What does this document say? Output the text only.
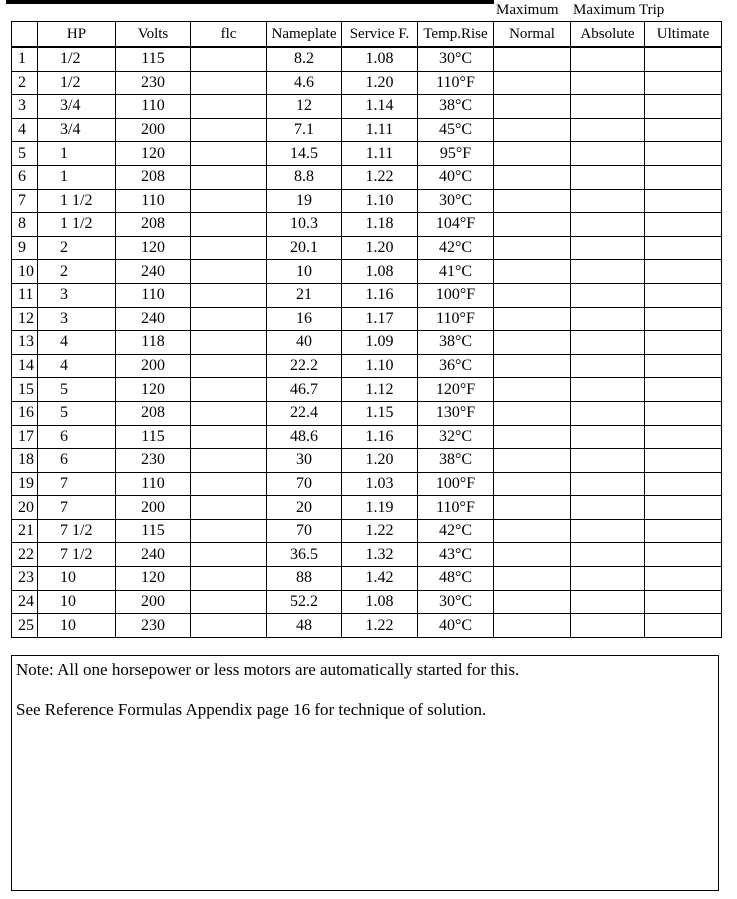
Maximum Maximum Trip
	HP	Volts	flc	Nameplate	Service F.	Temp.Rise	Normal	Absolute	Ultimate
1	1/2	115		8.2	1.08	30°C			
2	1/2	230		4.6	1.20	110°F			
3	3/4	110		12	1.14	38°C			
4	3/4	200		7.1	1.11	45°C			
5	1	120		14.5	1.11	95°F			
6	1	208		8.8	1.22	40°C			
7	1 1/2	110		19	1.10	30°C			
8	1 1/2	208		10.3	1.18	104°F			
9	2	120		20.1	1.20	42°C			
10	2	240		10	1.08	41°C			
11	3	110		21	1.16	100°F			
12	3	240		16	1.17	110°F			
13	4	118		40	1.09	38°C			
14	4	200		22.2	1.10	36°C			
15	5	120		46.7	1.12	120°F			
16	5	208		22.4	1.15	130°F			
17	6	115		48.6	1.16	32°C			
18	6	230		30	1.20	38°C			
19	7	110		70	1.03	100°F			
20	7	200		20	1.19	110°F			
21	7 1/2	115		70	1.22	42°C			
22	7 1/2	240		36.5	1.32	43°C			
23	10	120		88	1.42	48°C			
24	10	200		52.2	1.08	30°C			
25	10	230		48	1.22	40°C			
Note: All one horsepower or less motors are automatically started for this.
See Reference Formulas Appendix page 16 for technique of solution.
